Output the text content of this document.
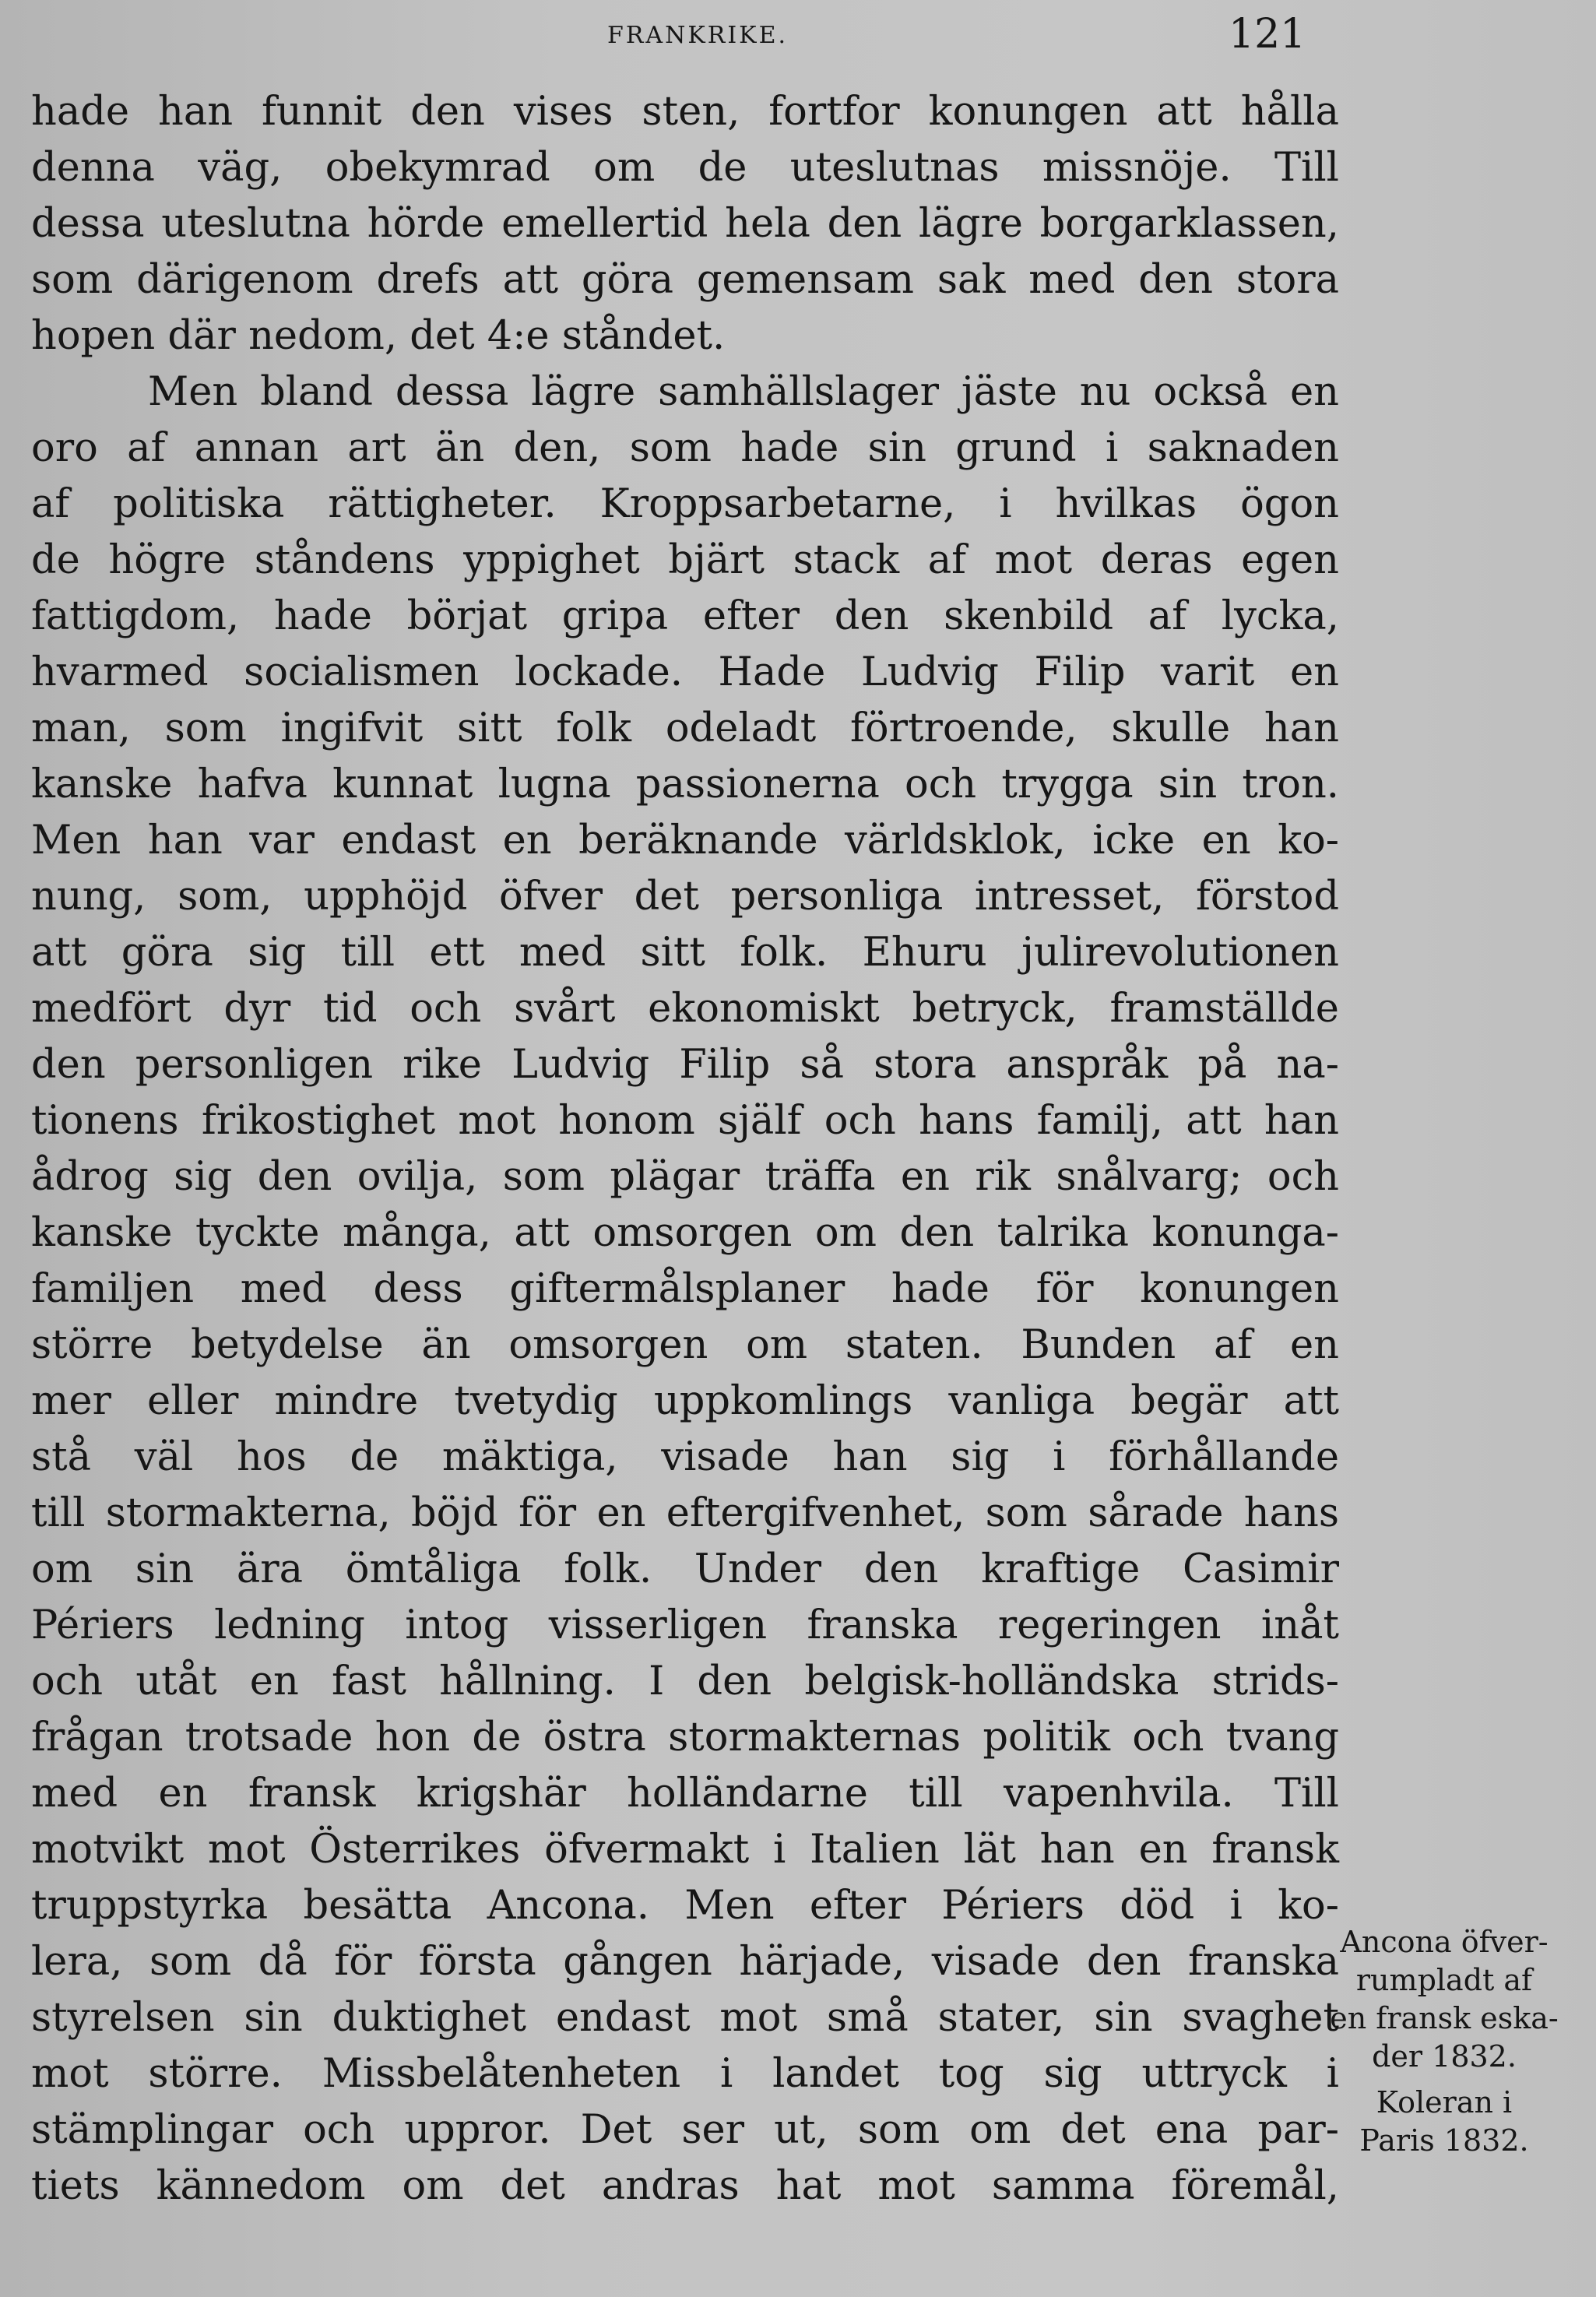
FRANKRIKE.	121
hade han funnit den vises sten, fortfor konungen att hålla
denna väg, obekymrad om de uteslutnas missnöje. Till
dessa uteslutna hörde emellertid hela den lägre borgarklassen,
som därigenom drefs att göra gemensam sak med den stora
hopen där nedom, det 4:e ståndet.
Men bland dessa lägre samhällslager jäste nu också en
oro af annan art än den, som hade sin grund i saknaden
af politiska rättigheter. Kroppsarbetarne, i hvilkas ögon
de högre ståndens yppighet bjärt stack af mot deras egen
fattigdom, hade börjat gripa efter den skenbild af lycka,
hvarmed socialismen lockade. Hade Ludvig Filip varit en
man, som ingifvit sitt folk odeladt förtroende, skulle han
kanske hafva kunnat lugna passionerna och trygga sin tron.
Men han var endast en beräknande världsklok, icke en ko-
nung, som, upphöjd öfver det personliga intresset, förstod
att göra sig till ett med sitt folk. Ehuru julirevolutionen
medfört dyr tid och svårt ekonomiskt betryck, framställde
den personligen rike Ludvig Filip så stora anspråk på na-
tionens frikostighet mot honom själf och hans familj, att han
ådrog sig den ovilja, som plägar träffa en rik snålvarg; och
kanske tyckte många, att omsorgen om den talrika konunga-
familjen med dess giftermålsplaner hade för konungen
större betydelse än omsorgen om staten. Bunden af en
mer eller mindre tvetydig uppkomlings vanliga begär att
stå väl hos de mäktiga, visade han sig i förhållande
till stormakterna, böjd för en eftergifvenhet, som sårade hans
om sin ära ömtåliga folk. Under den kraftige Casimir
Périers ledning intog visserligen franska regeringen inåt
och utåt en fast hållning. I den belgisk-holländska strids-
frågan trotsade hon de östra stormakternas politik och tvang
med en fransk krigshär holländarne till vapenhvila. Till
motvikt mot Österrikes öfvermakt i Italien lät han en fransk
truppstyrka besätta Ancona. Men efter Périers död i ko-
lera, som då för första gången härjade, visade den franska
styrelsen sin duktighet endast mot små stater, sin svaghet
mot större. Missbelåtenheten i landet tog sig uttryck i
stämplingar och uppror. Det ser ut, som om det ena par-
tiets kännedom om det andras hat mot samma föremål,
Ancona öfver-
rumpladt af
en fransk eska-
der 1832.
Koleran i
Paris 1832.
